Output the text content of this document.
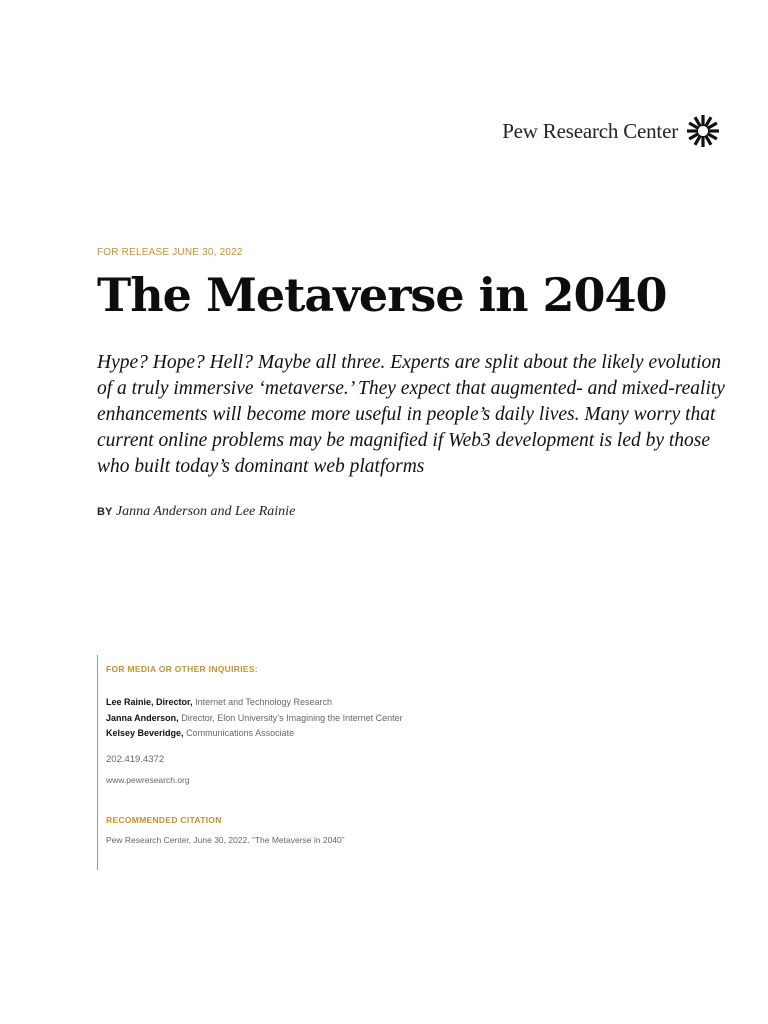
Pew Research Center
FOR RELEASE JUNE 30, 2022
The Metaverse in 2040

Hype? Hope? Hell? Maybe all three. Experts are split about the likely evolution of a truly immersive ‘metaverse.’ They expect that augmented- and mixed-reality enhancements will become more useful in people’s daily lives. Many worry that current online problems may be magnified if Web3 development is led by those who built today’s dominant web platforms

BY Janna Anderson and Lee Rainie
FOR MEDIA OR OTHER INQUIRIES:
Lee Rainie, Director, Internet and Technology Research
Janna Anderson, Director, Elon University’s Imagining the Internet Center
Kelsey Beveridge, Communications Associate
202.419.4372
www.pewresearch.org
RECOMMENDED CITATION
Pew Research Center, June 30, 2022. “The Metaverse in 2040”
